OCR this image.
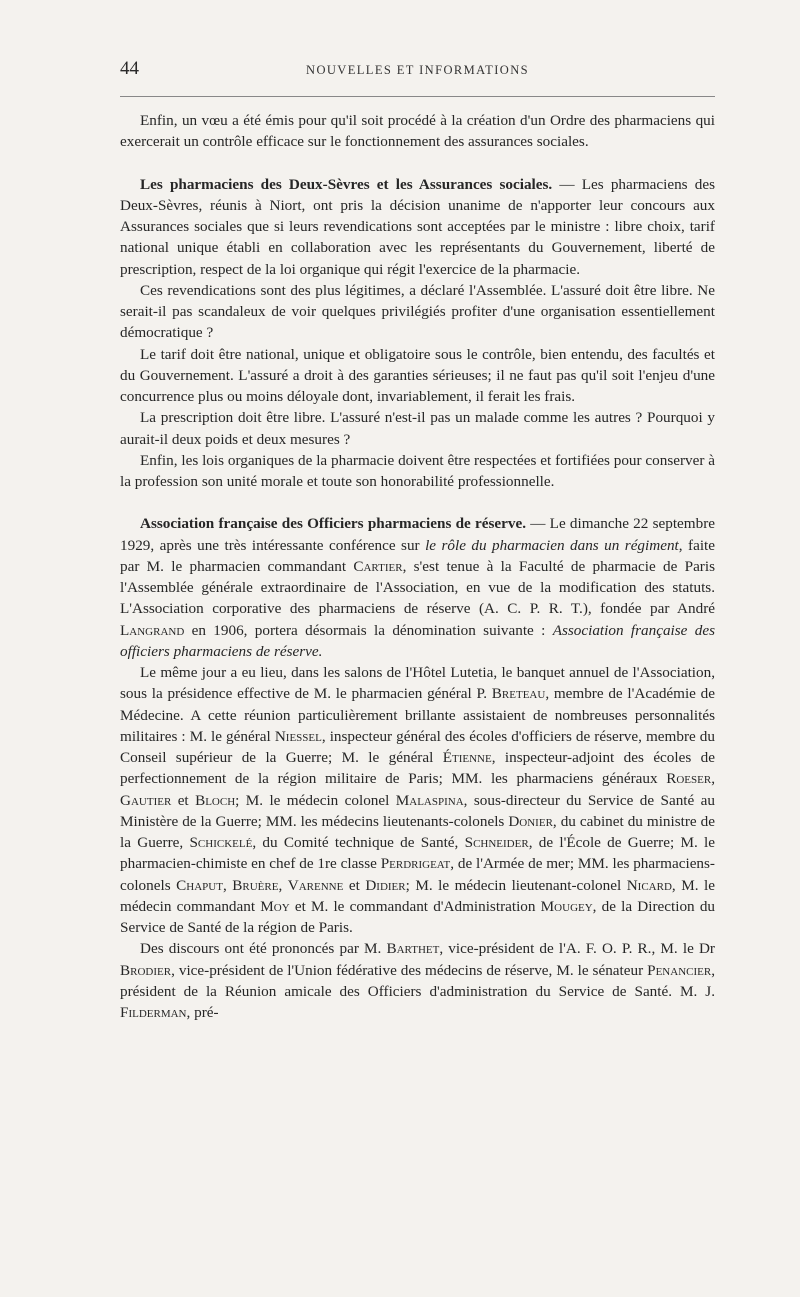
44	NOUVELLES ET INFORMATIONS

Enfin, un vœu a été émis pour qu'il soit procédé à la création d'un Ordre des pharmaciens qui exercerait un contrôle efficace sur le fonctionnement des assurances sociales.

Les pharmaciens des Deux-Sèvres et les Assurances sociales. — Les pharmaciens des Deux-Sèvres, réunis à Niort, ont pris la décision unanime de n'apporter leur concours aux Assurances sociales que si leurs revendications sont acceptées par le ministre : libre choix, tarif national unique établi en collaboration avec les représentants du Gouvernement, liberté de prescription, respect de la loi organique qui régit l'exercice de la pharmacie.

Ces revendications sont des plus légitimes, a déclaré l'Assemblée. L'assuré doit être libre. Ne serait-il pas scandaleux de voir quelques privilégiés profiter d'une organisation essentiellement démocratique ?

Le tarif doit être national, unique et obligatoire sous le contrôle, bien entendu, des facultés et du Gouvernement. L'assuré a droit à des garanties sérieuses; il ne faut pas qu'il soit l'enjeu d'une concurrence plus ou moins déloyale dont, invariablement, il ferait les frais.

La prescription doit être libre. L'assuré n'est-il pas un malade comme les autres ? Pourquoi y aurait-il deux poids et deux mesures ?

Enfin, les lois organiques de la pharmacie doivent être respectées et fortifiées pour conserver à la profession son unité morale et toute son honorabilité professionnelle.

Association française des Officiers pharmaciens de réserve. — Le dimanche 22 septembre 1929, après une très intéressante conférence sur le rôle du pharmacien dans un régiment, faite par M. le pharmacien commandant Cartier, s'est tenue à la Faculté de pharmacie de Paris l'Assemblée générale extraordinaire de l'Association, en vue de la modification des statuts. L'Association corporative des pharmaciens de réserve (A. C. P. R. T.), fondée par André Langrand en 1906, portera désormais la dénomination suivante : Association française des officiers pharmaciens de réserve.

Le même jour a eu lieu, dans les salons de l'Hôtel Lutetia, le banquet annuel de l'Association, sous la présidence effective de M. le pharmacien général P. Breteau, membre de l'Académie de Médecine. A cette réunion particulièrement brillante assistaient de nombreuses personnalités militaires : M. le général Niessel, inspecteur général des écoles d'officiers de réserve, membre du Conseil supérieur de la Guerre; M. le général Étienne, inspecteur-adjoint des écoles de perfectionnement de la région militaire de Paris; MM. les pharmaciens généraux Roeser, Gautier et Bloch; M. le médecin colonel Malaspina, sous-directeur du Service de Santé au Ministère de la Guerre; MM. les médecins lieutenants-colonels Donier, du cabinet du ministre de la Guerre, Schickelé, du Comité technique de Santé, Schneider, de l'École de Guerre; M. le pharmacien-chimiste en chef de 1re classe Perdrigeat, de l'Armée de mer; MM. les pharmaciens-colonels Chaput, Bruère, Varenne et Didier; M. le médecin lieutenant-colonel Nicard, M. le médecin commandant Moy et M. le commandant d'Administration Mougey, de la Direction du Service de Santé de la région de Paris.

Des discours ont été prononcés par M. Barthet, vice-président de l'A. F. O. P. R., M. le Dr Brodier, vice-président de l'Union fédérative des médecins de réserve, M. le sénateur Penancier, président de la Réunion amicale des Officiers d'administration du Service de Santé. M. J. Filderman, pré-
